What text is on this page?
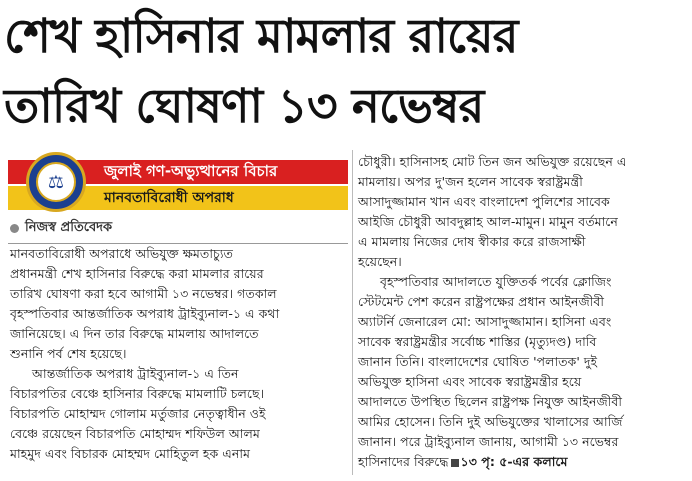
শেখ হাসিনার মামলার রায়ের
তারিখ ঘোষণা ১৩ নভেম্বর
⚖
জুলাই গণ-অভ্যুত্থানের বিচার
মানবতাবিরোধী অপরাধ
নিজস্ব প্রতিবেদক

মানবতাবিরোধী অপরাধে অভিযুক্ত ক্ষমতাচ্যুত
প্রধানমন্ত্রী শেখ হাসিনার বিরুদ্ধে করা মামলার রায়ের
তারিখ ঘোষণা করা হবে আগামী ১৩ নভেম্বর। গতকাল
বৃহস্পতিবার আন্তর্জাতিক অপরাধ ট্রাইব্যুনাল-১ এ কথা
জানিয়েছে। এ দিন তার বিরুদ্ধে মামলায় আদালতে
শুনানি পর্ব শেষ হয়েছে।

আন্তর্জাতিক অপরাধ ট্রাইব্যুনাল-১ এ তিন
বিচারপতির বেঞ্চে হাসিনার বিরুদ্ধে মামলাটি চলছে।
বিচারপতি মোহাম্মদ গোলাম মর্তুজার নেতৃত্বাধীন ওই
বেঞ্চে রয়েছেন বিচারপতি মোহাম্মদ শফিউল আলম
মাহমুদ এবং বিচারক মোহম্মদ মোহিতুল হক এনাম

চৌধুরী। হাসিনাসহ মোট তিন জন অভিযুক্ত রয়েছেন এ
মামলায়। অপর দু'জন হলেন সাবেক স্বরাষ্ট্রমন্ত্রী
আসাদুজ্জামান খান এবং বাংলাদেশ পুলিশের সাবেক
আইজি চৌধুরী আবদুল্লাহ আল-মামুন। মামুন বর্তমানে
এ মামলায় নিজের দোষ স্বীকার করে রাজসাক্ষী
হয়েছেন।

বৃহস্পতিবার আদালতে যুক্তিতর্ক পর্বের ক্লোজিং
স্টেটমেন্ট পেশ করেন রাষ্ট্রপক্ষের প্রধান আইনজীবী
অ্যাটর্নি জেনারেল মো: আসাদুজ্জামান। হাসিনা এবং
সাবেক স্বরাষ্ট্রমন্ত্রীর সর্বোচ্চ শাস্তির (মৃত্যুদণ্ড) দাবি
জানান তিনি। বাংলাদেশের ঘোষিত 'পলাতক' দুই
অভিযুক্ত হাসিনা এবং সাবেক স্বরাষ্ট্রমন্ত্রীর হয়ে
আদালতে উপস্থিত ছিলেন রাষ্ট্রপক্ষ নিযুক্ত আইনজীবী
আমির হোসেন। তিনি দুই অভিযুক্তের খালাসের আর্জি
জানান। পরে ট্রাইব্যুনাল জানায়, আগামী ১৩ নভেম্বর
হাসিনাদের বিরুদ্ধে ১৩ পৃ: ৫-এর কলামে
